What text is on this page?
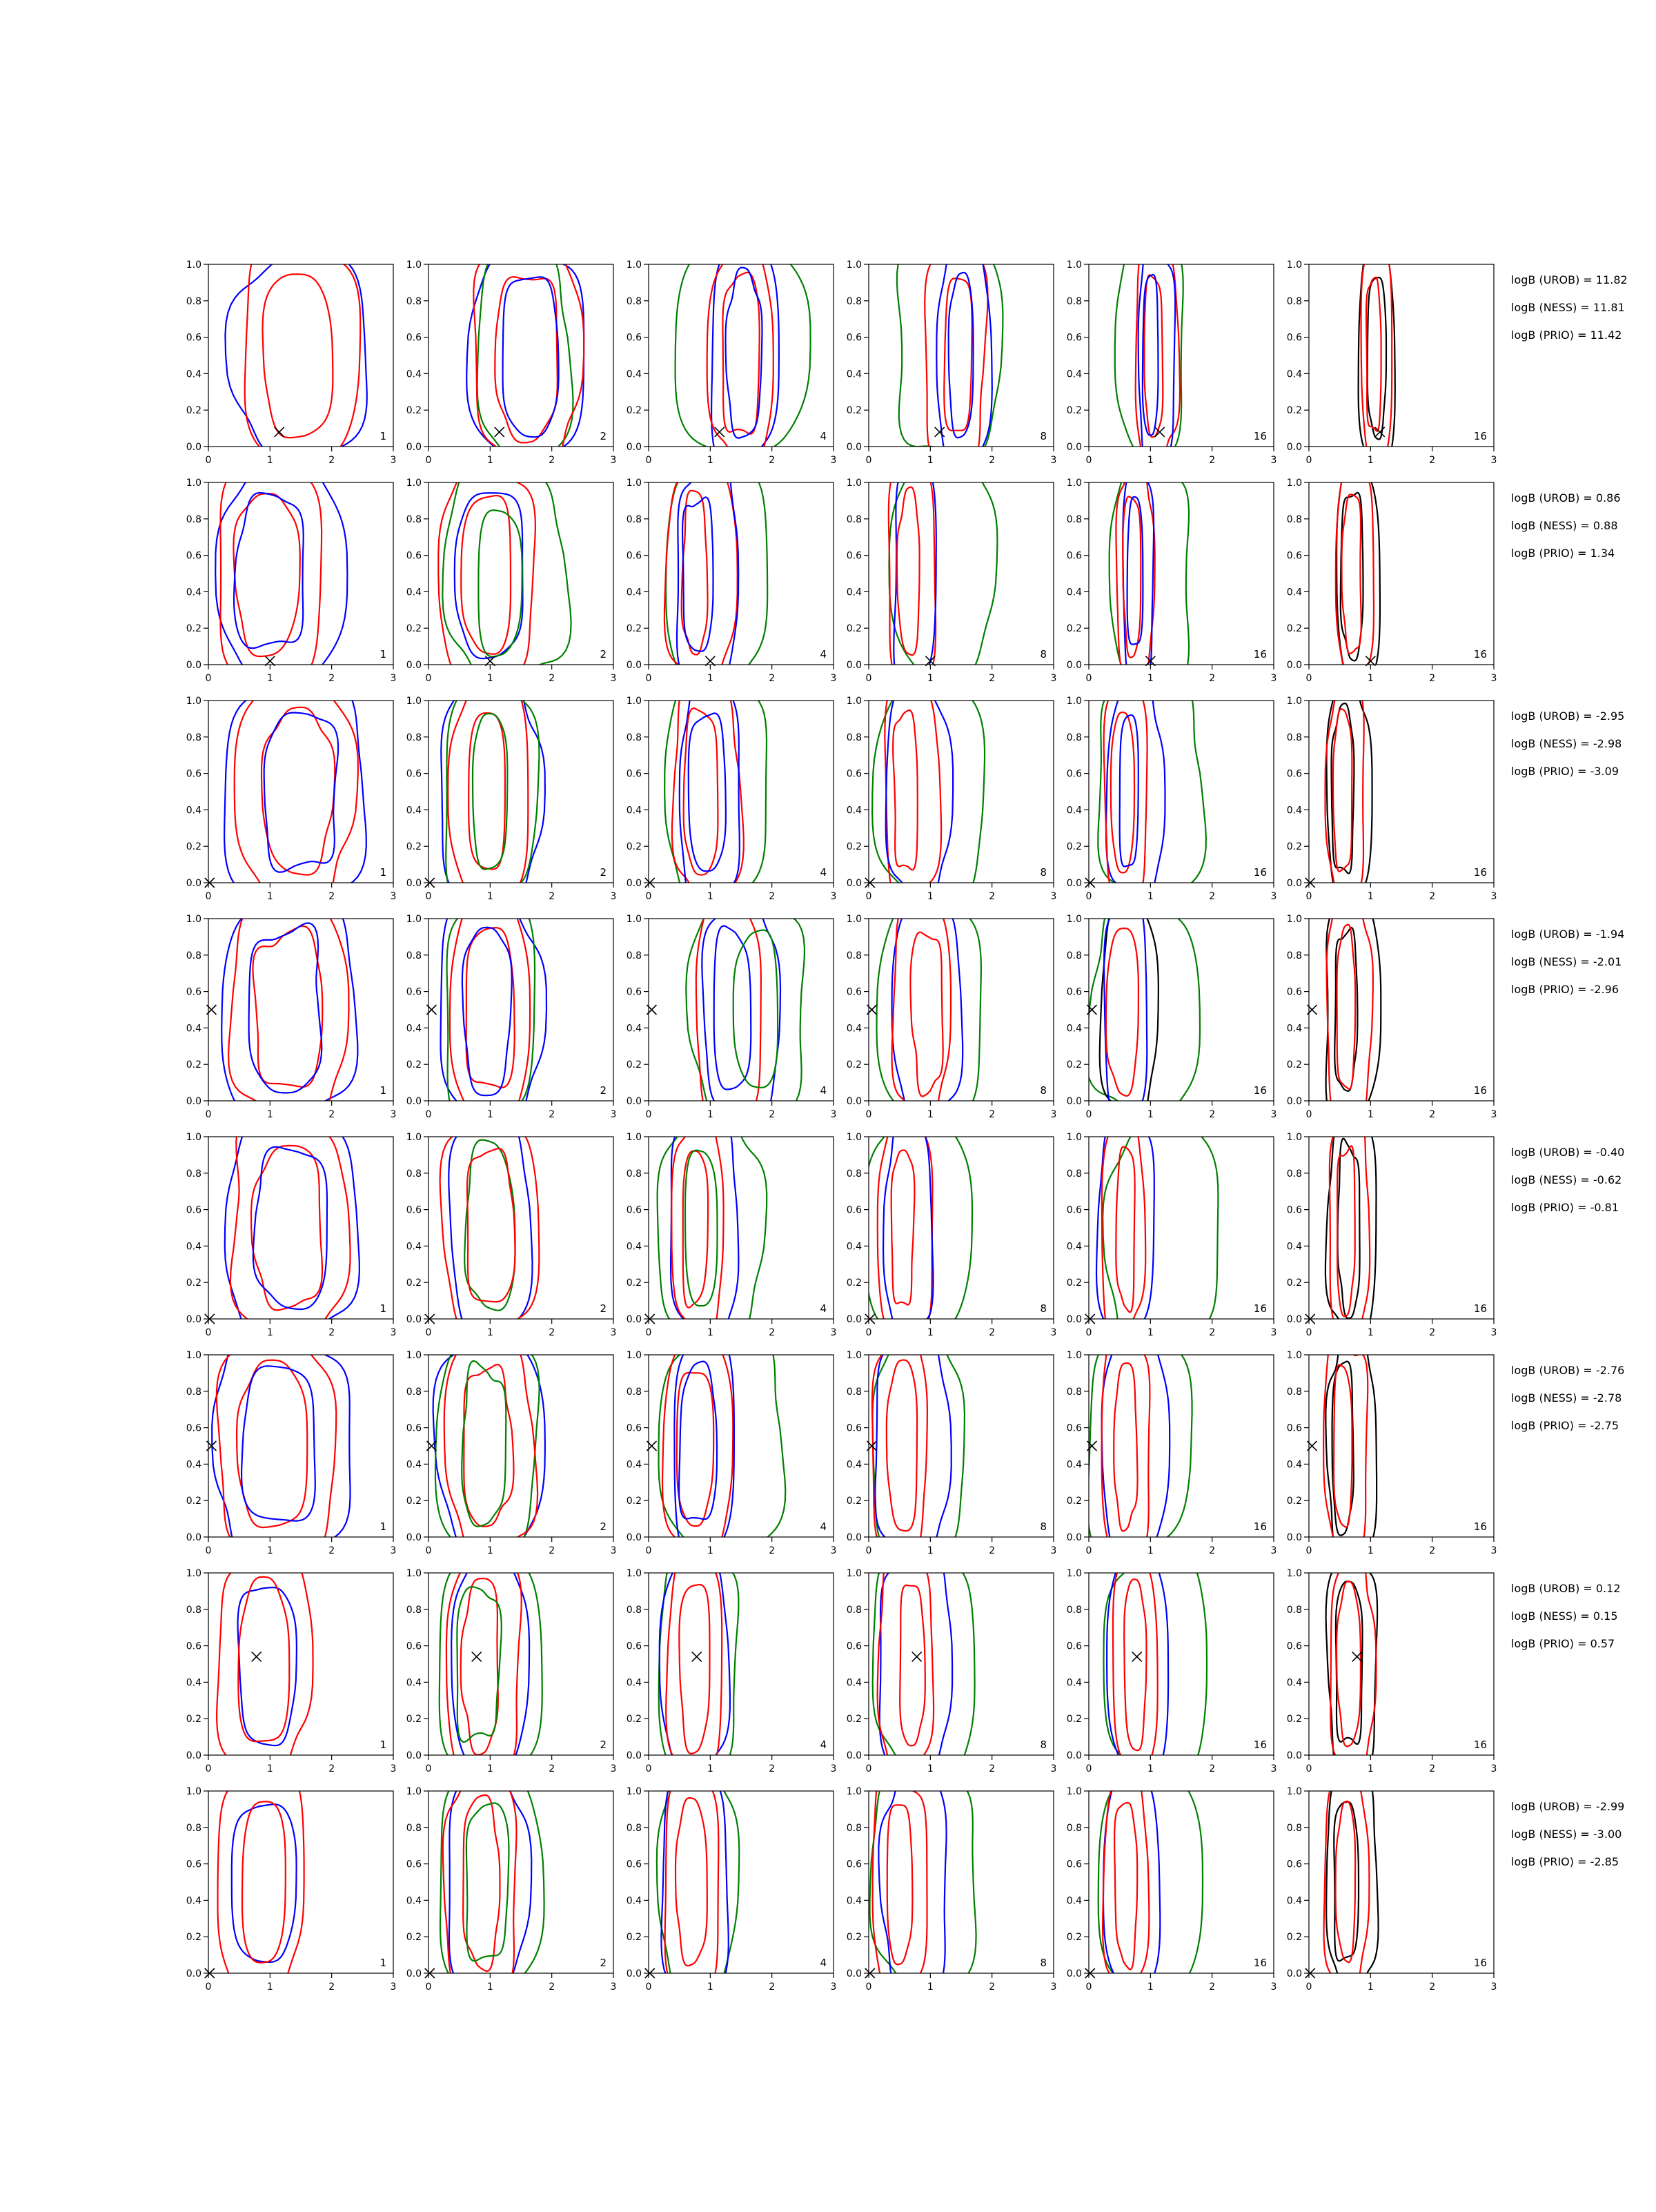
0	1	2	3
0.0
0.2
0.4
0.6
0.8
1.0
1
0	1	2	3
0.0
0.2
0.4
0.6
0.8
1.0
2
0	1	2	3
0.0
0.2
0.4
0.6
0.8
1.0
4
0	1	2	3
0.0
0.2
0.4
0.6
0.8
1.0
8
0	1	2	3
0.0
0.2
0.4
0.6
0.8
1.0
16
0	1	2	3
0.0
0.2
0.4
0.6
0.8
1.0
16
logB (UROB) = 11.82
logB (NESS) = 11.81
logB (PRIO) = 11.42
0	1	2	3
0.0
0.2
0.4
0.6
0.8
1.0
1
0	1	2	3
0.0
0.2
0.4
0.6
0.8
1.0
2
0	1	2	3
0.0
0.2
0.4
0.6
0.8
1.0
4
0	1	2	3
0.0
0.2
0.4
0.6
0.8
1.0
8
0	1	2	3
0.0
0.2
0.4
0.6
0.8
1.0
16
0	1	2	3
0.0
0.2
0.4
0.6
0.8
1.0
16
logB (UROB) = 0.86
logB (NESS) = 0.88
logB (PRIO) = 1.34
0	1	2	3
0.0
0.2
0.4
0.6
0.8
1.0
1
0	1	2	3
0.0
0.2
0.4
0.6
0.8
1.0
2
0	1	2	3
0.0
0.2
0.4
0.6
0.8
1.0
4
0	1	2	3
0.0
0.2
0.4
0.6
0.8
1.0
8
0	1	2	3
0.0
0.2
0.4
0.6
0.8
1.0
16
0	1	2	3
0.0
0.2
0.4
0.6
0.8
1.0
16
logB (UROB) = -2.95
logB (NESS) = -2.98
logB (PRIO) = -3.09
0	1	2	3
0.0
0.2
0.4
0.6
0.8
1.0
1
0	1	2	3
0.0
0.2
0.4
0.6
0.8
1.0
2
0	1	2	3
0.0
0.2
0.4
0.6
0.8
1.0
4
0	1	2	3
0.0
0.2
0.4
0.6
0.8
1.0
8
0	1	2	3
0.0
0.2
0.4
0.6
0.8
1.0
16
0	1	2	3
0.0
0.2
0.4
0.6
0.8
1.0
16
logB (UROB) = -1.94
logB (NESS) = -2.01
logB (PRIO) = -2.96
0	1	2	3
0.0
0.2
0.4
0.6
0.8
1.0
1
0	1	2	3
0.0
0.2
0.4
0.6
0.8
1.0
2
0	1	2	3
0.0
0.2
0.4
0.6
0.8
1.0
4
0	1	2	3
0.0
0.2
0.4
0.6
0.8
1.0
8
0	1	2	3
0.0
0.2
0.4
0.6
0.8
1.0
16
0	1	2	3
0.0
0.2
0.4
0.6
0.8
1.0
16
logB (UROB) = -0.40
logB (NESS) = -0.62
logB (PRIO) = -0.81
0	1	2	3
0.0
0.2
0.4
0.6
0.8
1.0
1
0	1	2	3
0.0
0.2
0.4
0.6
0.8
1.0
2
0	1	2	3
0.0
0.2
0.4
0.6
0.8
1.0
4
0	1	2	3
0.0
0.2
0.4
0.6
0.8
1.0
8
0	1	2	3
0.0
0.2
0.4
0.6
0.8
1.0
16
0	1	2	3
0.0
0.2
0.4
0.6
0.8
1.0
16
logB (UROB) = -2.76
logB (NESS) = -2.78
logB (PRIO) = -2.75
0	1	2	3
0.0
0.2
0.4
0.6
0.8
1.0
1
0	1	2	3
0.0
0.2
0.4
0.6
0.8
1.0
2
0	1	2	3
0.0
0.2
0.4
0.6
0.8
1.0
4
0	1	2	3
0.0
0.2
0.4
0.6
0.8
1.0
8
0	1	2	3
0.0
0.2
0.4
0.6
0.8
1.0
16
0	1	2	3
0.0
0.2
0.4
0.6
0.8
1.0
16
logB (UROB) = 0.12
logB (NESS) = 0.15
logB (PRIO) = 0.57
0	1	2	3
0.0
0.2
0.4
0.6
0.8
1.0
1
0	1	2	3
0.0
0.2
0.4
0.6
0.8
1.0
2
0	1	2	3
0.0
0.2
0.4
0.6
0.8
1.0
4
0	1	2	3
0.0
0.2
0.4
0.6
0.8
1.0
8
0	1	2	3
0.0
0.2
0.4
0.6
0.8
1.0
16
0	1	2	3
0.0
0.2
0.4
0.6
0.8
1.0
16
logB (UROB) = -2.99
logB (NESS) = -3.00
logB (PRIO) = -2.85
